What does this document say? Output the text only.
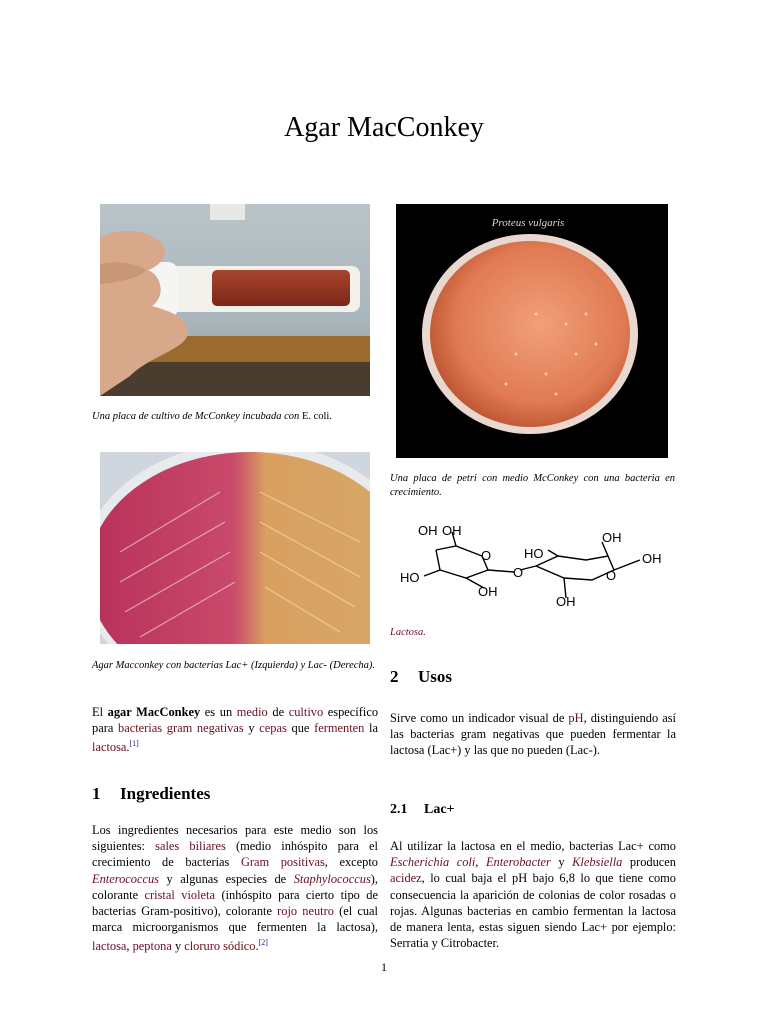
Agar MacConkey
Una placa de cultivo de McConkey incubada con E. coli.
Proteus vulgaris
Una placa de petri con medio McConkey con una bacteria en crecimiento.
Agar Macconkey con bacterias Lac+ (Izquierda) y Lac- (Derecha).
OH OH
O
HO
OH
O
HO
OH
OH
O
OH
Lactosa.
El agar MacConkey es un medio de cultivo específico para bacterias gram negativas y cepas que fermenten la lactosa.[1]
1 Ingredientes
Los ingredientes necesarios para este medio son los siguientes: sales biliares (medio inhóspito para el crecimiento de bacterias Gram positivas, excepto Enterococcus y algunas especies de Staphylococcus), colorante cristal violeta (inhóspito para cierto tipo de bacterias Gram-positivo), colorante rojo neutro (el cual marca microorganismos que fermenten la lactosa), lactosa, peptona y cloruro sódico.[2]
2 Usos
Sirve como un indicador visual de pH, distinguiendo así las bacterias gram negativas que pueden fermentar la lactosa (Lac+) y las que no pueden (Lac-).
2.1 Lac+
Al utilizar la lactosa en el medio, bacterias Lac+ como Escherichia coli, Enterobacter y Klebsiella producen acidez, lo cual baja el pH bajo 6,8 lo que tiene como consecuencia la aparición de colonias de color rosadas o rojas. Algunas bacterias en cambio fermentan la lactosa de manera lenta, estas siguen siendo Lac+ por ejemplo: Serratia y Citrobacter.
1
